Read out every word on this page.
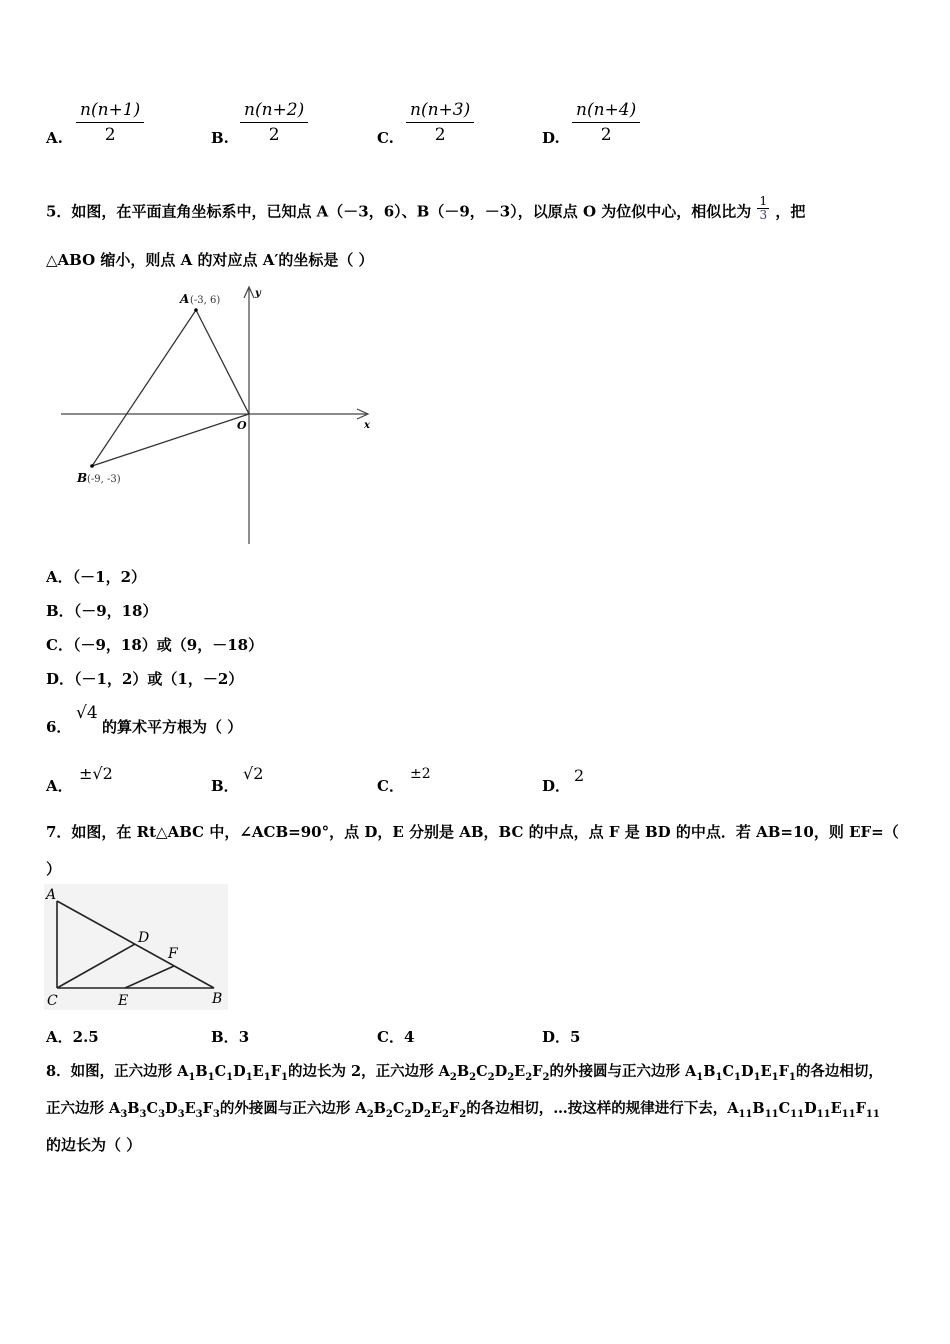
A. $\frac{n(n+1)}{2}$	B. $\frac{n(n+2)}{2}$	C. $\frac{n(n+3)}{2}$	D. $\frac{n(n+4)}{2}$
5．如图，在平面直角坐标系中，已知点 A（－3，6）、B（－9，－3），以原点 O 为位似中心，相似比为 $\frac{1}{3}$ ，把
△ABO 缩小，则点 A 的对应点 A′的坐标是（ ）
A (-3, 6)
B (-9, -3)
O	x
y
A．（－1，2）
B．（－9，18）
C．（－9，18）或（9，－18）
D．（－1，2）或（1，－2）
6．
√4
的算术平方根为（ ）
A．
±√2
B．
√2
C．
±2
D．
2
7．如图，在 Rt△ABC 中，∠ACB=90°，点 D，E 分别是 AB，BC 的中点，点 F 是 BD 的中点．若 AB=10，则 EF=（
）
A
D
F
C	E	B
A．2.5	B．3	C．4	D．5
8．如图，正六边形 $A_1B_1C_1D_1E_1F_1$的边长为 2，正六边形 $A_2B_2C_2D_2E_2F_2$的外接圆与正六边形 $A_1B_1C_1D_1E_1F_1$的各边相切，
正六边形 $A_3B_3C_3D_3E_3F_3$的外接圆与正六边形 $A_2B_2C_2D_2E_2F_2$的各边相切，…按这样的规律进行下去，$A_{11}B_{11}C_{11}D_{11}E_{11}F_{11}$
的边长为（ ）
